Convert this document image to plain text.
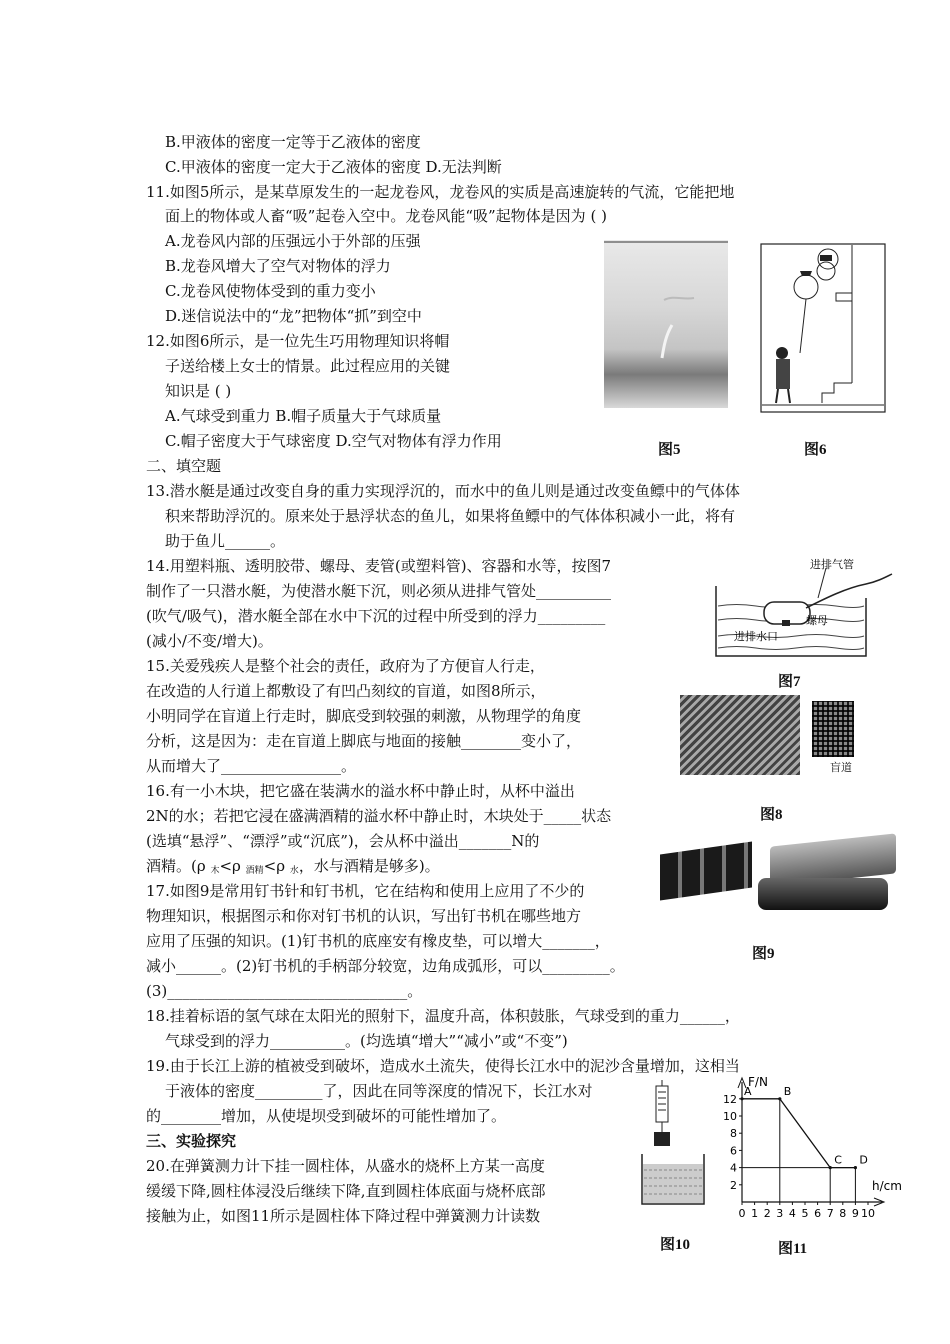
B.甲液体的密度一定等于乙液体的密度
C.甲液体的密度一定大于乙液体的密度 D.无法判断
11.如图5所示，是某草原发生的一起龙卷风，龙卷风的实质是高速旋转的气流，它能把地
面上的物体或人畜“吸”起卷入空中。龙卷风能“吸”起物体是因为 ( )
A.龙卷风内部的压强远小于外部的压强
B.龙卷风增大了空气对物体的浮力
C.龙卷风使物体受到的重力变小
D.迷信说法中的“龙”把物体“抓”到空中
12.如图6所示，是一位先生巧用物理知识将帽
子送给楼上女士的情景。此过程应用的关键
知识是 ( )
A.气球受到重力 B.帽子质量大于气球质量
C.帽子密度大于气球密度 D.空气对物体有浮力作用
二、填空题
13.潜水艇是通过改变自身的重力实现浮沉的，而水中的鱼儿则是通过改变鱼鳔中的气体体
积来帮助浮沉的。原来处于悬浮状态的鱼儿，如果将鱼鳔中的气体体积减小一此，将有
助于鱼儿______。
14.用塑料瓶、透明胶带、螺母、麦管(或塑料管)、容器和水等，按图7
制作了一只潜水艇，为使潜水艇下沉，则必须从进排气管处__________
(吹气/吸气)，潜水艇全部在水中下沉的过程中所受到的浮力_________
(减小/不变/增大)。
15.关爱残疾人是整个社会的责任，政府为了方便盲人行走，
在改造的人行道上都敷设了有凹凸刻纹的盲道，如图8所示，
小明同学在盲道上行走时，脚底受到较强的刺激，从物理学的角度
分析，这是因为：走在盲道上脚底与地面的接触________变小了，
从而增大了________________。
16.有一小木块，把它盛在装满水的溢水杯中静止时，从杯中溢出
2N的水；若把它浸在盛满酒精的溢水杯中静止时，木块处于_____状态
(选填“悬浮”、“漂浮”或“沉底”)，会从杯中溢出_______N的
17.如图9是常用钉书针和钉书机，它在结构和使用上应用了不少的
物理知识，根据图示和你对钉书机的认识，写出钉书机在哪些地方
应用了压强的知识。(1)钉书机的底座安有橡皮垫，可以增大_______，
减小______。(2)钉书机的手柄部分较宽，边角成弧形，可以_________。
(3)________________________________。
18.挂着标语的氢气球在太阳光的照射下，温度升高，体积鼓胀，气球受到的重力______，
气球受到的浮力__________。(均选填“增大”“减小”或“不变”)
19.由于长江上游的植被受到破坏，造成水土流失，使得长江水中的泥沙含量增加，这相当
于液体的密度_________了，因此在同等深度的情况下，长江水对
的________增加，从使堤坝受到破坏的可能性增加了。
三、实验探究
20.在弹簧测力计下挂一圆柱体，从盛水的烧杯上方某一高度
缓缓下降,圆柱体浸没后继续下降,直到圆柱体底面与烧杯底部
接触为止，如图11所示是圆柱体下降过程中弹簧测力计读数
酒精。(ρ $_木$<ρ $_{酒精}$<ρ $_水$，水与酒精是够多)。
图5	图6
进排气管
进排水口
螺母
图7
盲道
图8
图9
图10
F/N
h/cm
12
10
8
6
4
2
0 1 2 3 4 5 6 7 8 9 10
A	B
C D
图11
